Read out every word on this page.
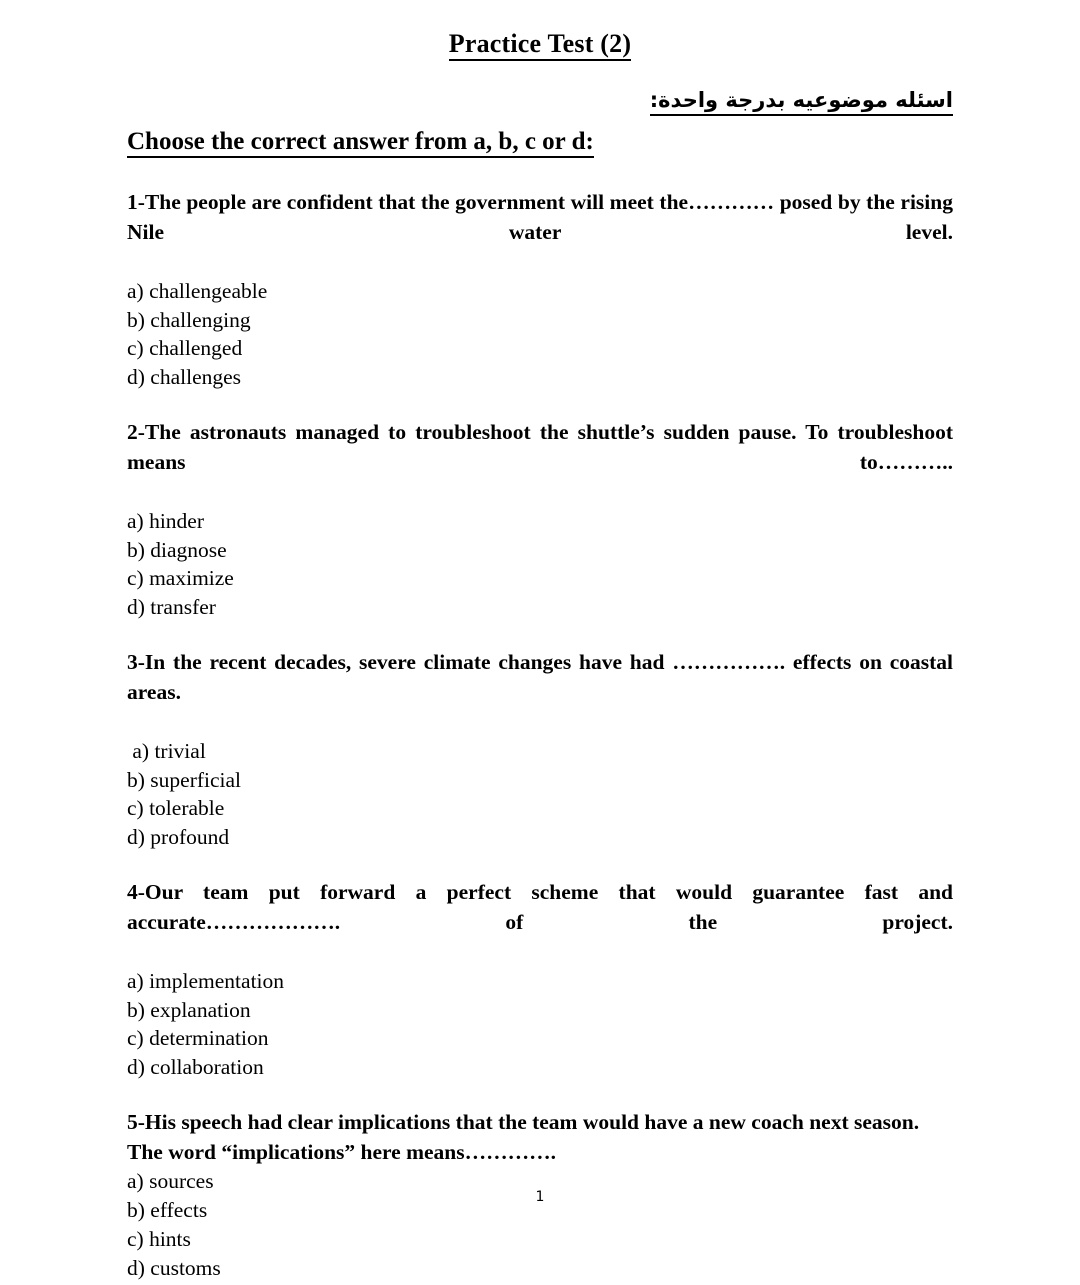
Practice Test (2)

اسئله موضوعيه بدرجة واحدة:

Choose the correct answer from a, b, c or d:

1-The people are confident that the government will meet the………… posed by the rising Nile water level.

a) challengeable
b) challenging
c) challenged
d) challenges

2-The astronauts managed to troubleshoot the shuttle’s sudden pause. To troubleshoot means to………..

a) hinder
b) diagnose
c) maximize
d) transfer

3-In the recent decades, severe climate changes have had ……………. effects on coastal areas.

a) trivial
b) superficial
c) tolerable
d) profound

4-Our team put forward a perfect scheme that would guarantee fast and accurate………………. of the project.

a) implementation
b) explanation
c) determination
d) collaboration

5-His speech had clear implications that the team would have a new coach next season. The word “implications” here means………….

a) sources
b) effects
c) hints
d) customs
1
